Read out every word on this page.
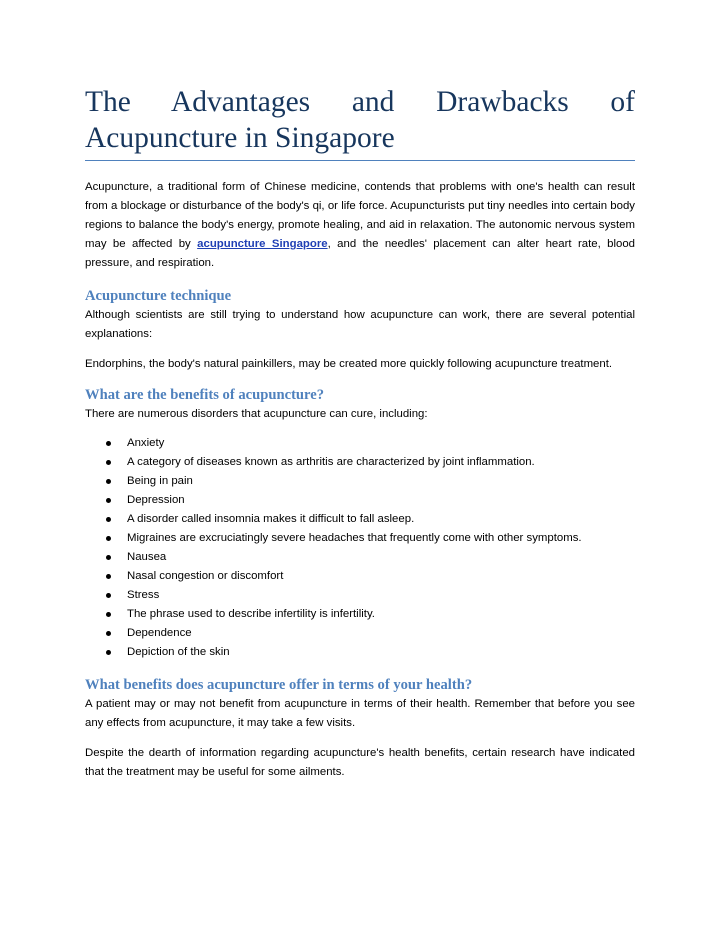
The Advantages and Drawbacks of
Acupuncture in Singapore

Acupuncture, a traditional form of Chinese medicine, contends that problems with one's health can result from a blockage or disturbance of the body's qi, or life force. Acupuncturists put tiny needles into certain body regions to balance the body's energy, promote healing, and aid in relaxation. The autonomic nervous system may be affected by acupuncture Singapore, and the needles' placement can alter heart rate, blood pressure, and respiration.

Acupuncture technique

Although scientists are still trying to understand how acupuncture can work, there are several potential explanations:

Endorphins, the body's natural painkillers, may be created more quickly following acupuncture treatment.

What are the benefits of acupuncture?

There are numerous disorders that acupuncture can cure, including:

Anxiety
A category of diseases known as arthritis are characterized by joint inflammation.
Being in pain
Depression
A disorder called insomnia makes it difficult to fall asleep.
Migraines are excruciatingly severe headaches that frequently come with other symptoms.
Nausea
Nasal congestion or discomfort
Stress
The phrase used to describe infertility is infertility.
Dependence
Depiction of the skin
What benefits does acupuncture offer in terms of your health?

A patient may or may not benefit from acupuncture in terms of their health. Remember that before you see any effects from acupuncture, it may take a few visits.

Despite the dearth of information regarding acupuncture's health benefits, certain research have indicated that the treatment may be useful for some ailments.
